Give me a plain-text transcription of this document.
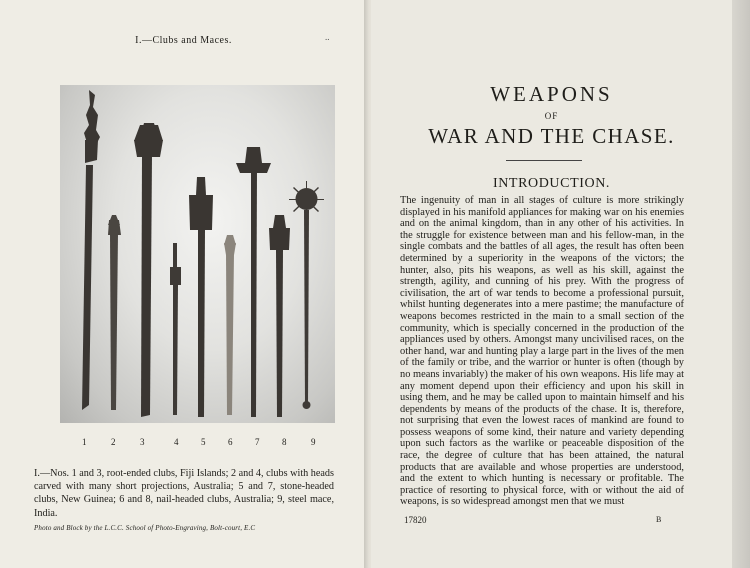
I.—Clubs and Maces.	..
1	2	3	4	5	6	7	8	9
I.—Nos. 1 and 3, root-ended clubs, Fiji Islands; 2 and 4, clubs with heads carved with many short projections, Australia; 5 and 7, stone-headed clubs, New Guinea; 6 and 8, nail-headed clubs, Australia; 9, steel mace, India.
Photo and Block by the L.C.C. School of Photo-Engraving, Bolt-court, E.C
WEAPONS
OF
WAR AND THE CHASE.
INTRODUCTION.

The ingenuity of man in all stages of culture is more strikingly displayed in his manifold appliances for making war on his enemies and on the animal kingdom, than in any other of his activities. In the struggle for existence between man and his fellow-man, in the single combats and the battles of all ages, the result has often been determined by a superiority in the weapons of the victors; the hunter, also, pits his weapons, as well as his skill, against the strength, agility, and cunning of his prey. With the progress of civilisation, the art of war tends to become a professional pursuit, whilst hunting degenerates into a mere pastime; the manufacture of weapons becomes restricted in the main to a small section of the community, which is specially concerned in the production of the appliances used by others. Amongst many uncivilised races, on the other hand, war and hunting play a large part in the lives of the men of the family or tribe, and the warrior or hunter is often (though by no means invariably) the maker of his own weapons. His life may at any moment depend upon their efficiency and upon his skill in using them, and he may be called upon to maintain himself and his dependents by means of the products of the chase. It is, therefore, not surprising that even the lowest races of mankind are found to possess weapons of some kind, their nature and variety depending upon such factors as the warlike or peaceable disposition of the race, the degree of culture that has been attained, the natural products that are available and whose properties are understood, and the extent to which hunting is necessary or profitable. The practice of resorting to physical force, with or without the aid of weapons, is so widespread amongst men that we must

17820	B
